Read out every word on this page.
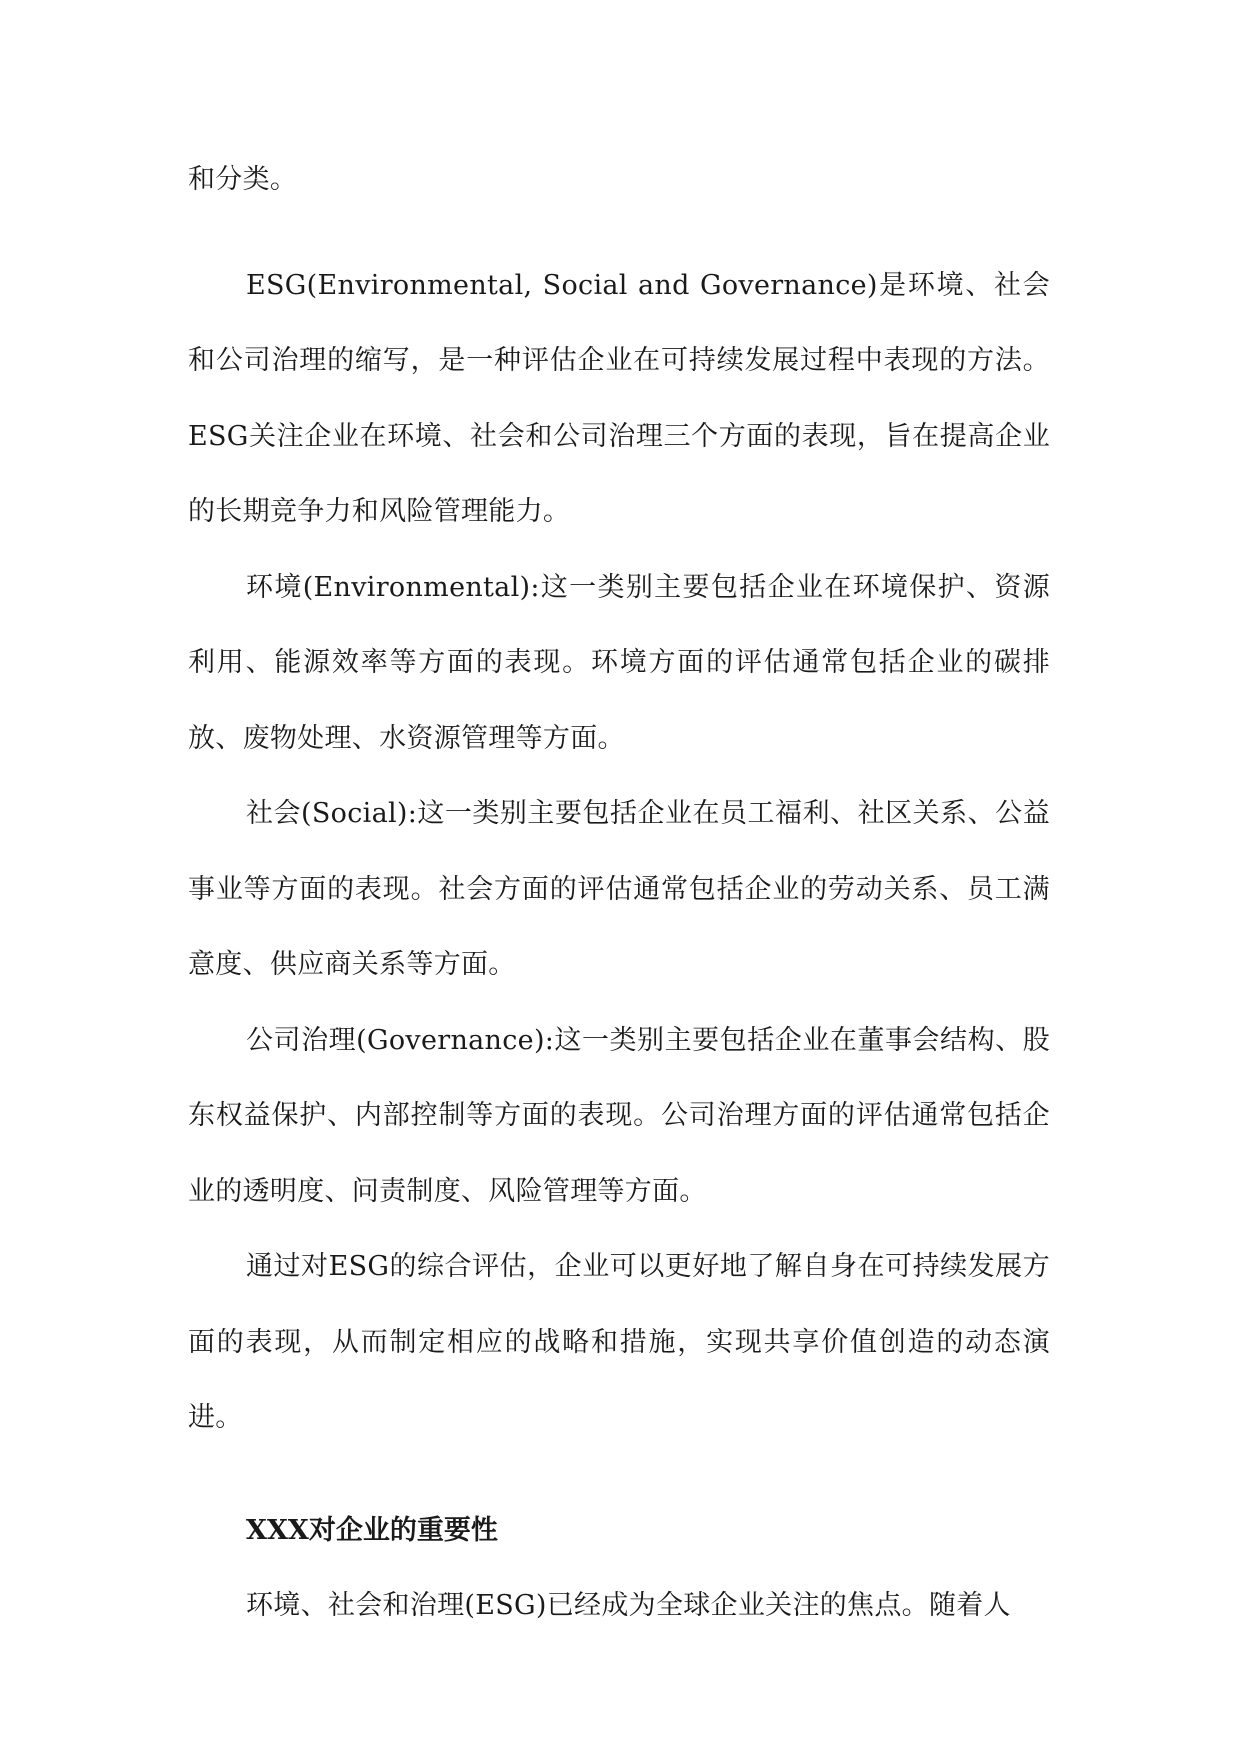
和分类。

ESG(Environmental, Social and Governance)是环境、社会和公司治理的缩写，是一种评估企业在可持续发展过程中表现的方法。ESG关注企业在环境、社会和公司治理三个方面的表现，旨在提高企业的长期竞争力和风险管理能力。

环境(Environmental):这一类别主要包括企业在环境保护、资源利用、能源效率等方面的表现。环境方面的评估通常包括企业的碳排放、废物处理、水资源管理等方面。

社会(Social):这一类别主要包括企业在员工福利、社区关系、公益事业等方面的表现。社会方面的评估通常包括企业的劳动关系、员工满意度、供应商关系等方面。

公司治理(Governance):这一类别主要包括企业在董事会结构、股东权益保护、内部控制等方面的表现。公司治理方面的评估通常包括企业的透明度、问责制度、风险管理等方面。

通过对ESG的综合评估，企业可以更好地了解自身在可持续发展方面的表现，从而制定相应的战略和措施，实现共享价值创造的动态演进。

XXX对企业的重要性

环境、社会和治理(ESG)已经成为全球企业关注的焦点。随着人
